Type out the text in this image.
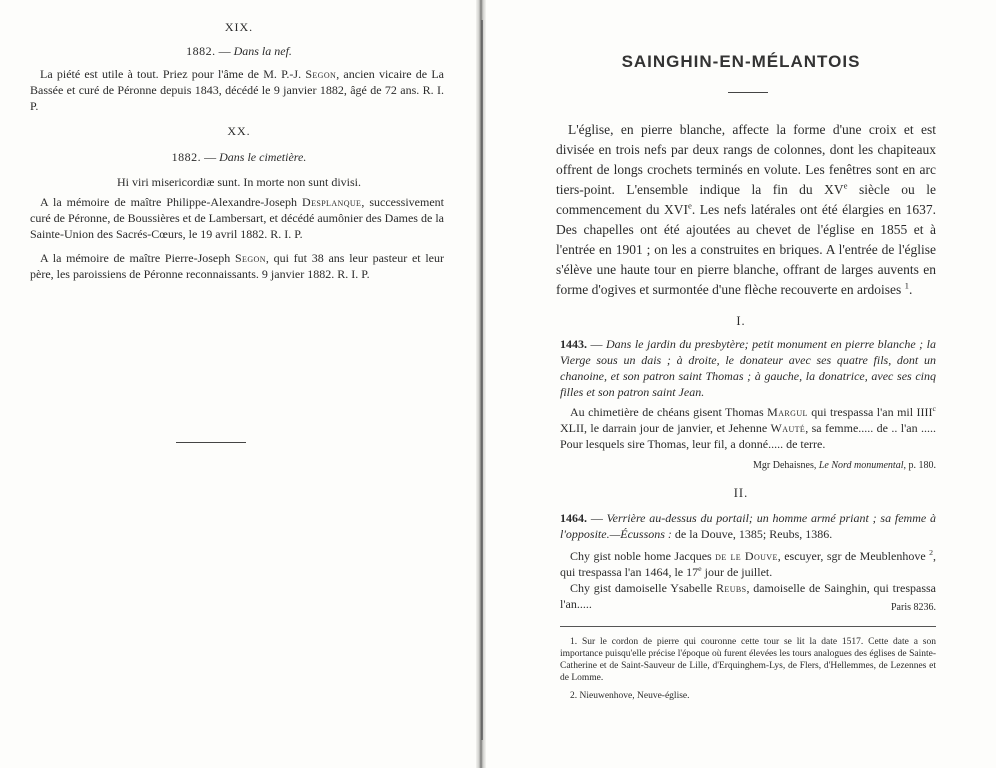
XIX.
1882. — Dans la nef.
La piété est utile à tout. Priez pour l'âme de M. P.-J. Segon, ancien vicaire de La Bassée et curé de Péronne depuis 1843, décédé le 9 janvier 1882, âgé de 72 ans. R. I. P.
XX.
1882. — Dans le cimetière.
Hi viri misericordiæ sunt. In morte non sunt divisi.
A la mémoire de maître Philippe-Alexandre-Joseph Desplanque, successivement curé de Péronne, de Boussières et de Lambersart, et décédé aumônier des Dames de la Sainte-Union des Sacrés-Cœurs, le 19 avril 1882. R. I. P.
A la mémoire de maître Pierre-Joseph Segon, qui fut 38 ans leur pasteur et leur père, les paroissiens de Péronne reconnaissants. 9 janvier 1882. R. I. P.
SAINGHIN-EN-MÉLANTOIS
L'église, en pierre blanche, affecte la forme d'une croix et est divisée en trois nefs par deux rangs de colonnes, dont les chapiteaux offrent de longs crochets terminés en volute. Les fenêtres sont en arc tiers-point. L'ensemble indique la fin du XVe siècle ou le commencement du XVIe. Les nefs latérales ont été élargies en 1637. Des chapelles ont été ajoutées au chevet de l'église en 1855 et à l'entrée en 1901 ; on les a construites en briques. A l'entrée de l'église s'élève une haute tour en pierre blanche, offrant de larges auvents en forme d'ogives et surmontée d'une flèche recouverte en ardoises $^1$.
I.
1443. — Dans le jardin du presbytère; petit monument en pierre blanche ; la Vierge sous un dais ; à droite, le donateur avec ses quatre fils, dont un chanoine, et son patron saint Thomas ; à gauche, la donatrice, avec ses cinq filles et son patron saint Jean.
Au chimetière de chéans gisent Thomas Margul qui trespassa l'an mil IIII$^c$ XLII, le darrain jour de janvier, et Jehenne Wauté, sa femme..... de .. l'an ..... Pour lesquels sire Thomas, leur fil, a donné..... de terre.
Mgr Dehaisnes, Le Nord monumental, p. 180.
II.
1464. — Verrière au-dessus du portail; un homme armé priant ; sa femme à l'opposite.—Écussons : de la Douve, 1385; Reubs, 1386.
Chy gist noble home Jacques de le Douve, escuyer, sgr de Meublenhove $^2$, qui trespassa l'an 1464, le 17e jour de juillet.
Chy gist damoiselle Ysabelle Reubs, damoiselle de Sainghin, qui trespassa l'an.....	Paris 8236.
1. Sur le cordon de pierre qui couronne cette tour se lit la date 1517. Cette date a son importance puisqu'elle précise l'époque où furent élevées les tours analogues des églises de Sainte-Catherine et de Saint-Sauveur de Lille, d'Erquinghem-Lys, de Flers, d'Hellemmes, de Lezennes et de Lomme.
2. Nieuwenhove, Neuve-église.
